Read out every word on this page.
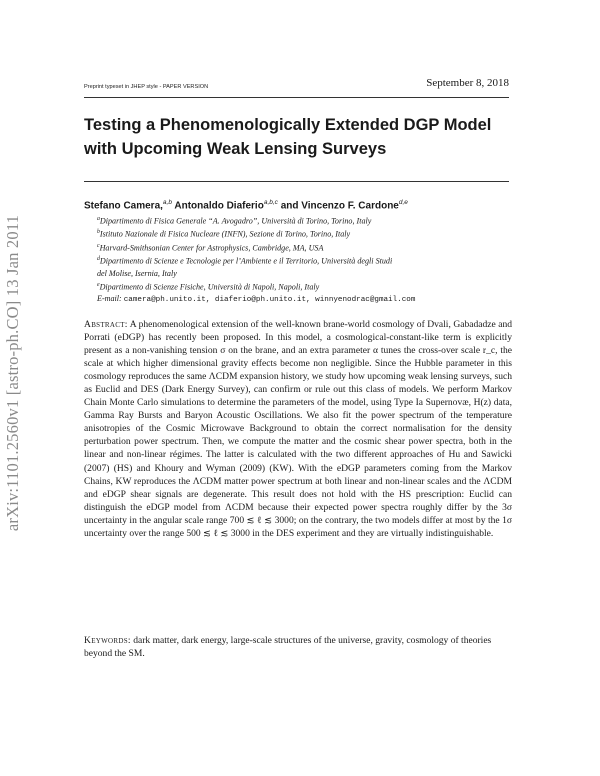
arXiv:1101.2560v1 [astro-ph.CO] 13 Jan 2011
Preprint typeset in JHEP style - PAPER VERSION	September 8, 2018
Testing a Phenomenologically Extended DGP Model
with Upcoming Weak Lensing Surveys
Stefano Camera,$^{a,b}$ Antonaldo Diaferio$^{a,b,c}$ and Vincenzo F. Cardone$^{d,e}$
$^a$Dipartimento di Fisica Generale “A. Avogadro”, Università di Torino, Torino, Italy
$^b$Istituto Nazionale di Fisica Nucleare (INFN), Sezione di Torino, Torino, Italy
$^c$Harvard-Smithsonian Center for Astrophysics, Cambridge, MA, USA
$^d$Dipartimento di Scienze e Tecnologie per l’Ambiente e il Territorio, Università degli Studi
del Molise, Isernia, Italy
$^e$Dipartimento di Scienze Fisiche, Università di Napoli, Napoli, Italy
E-mail: camera@ph.unito.it, diaferio@ph.unito.it, winnyenodrac@gmail.com
Abstract: A phenomenological extension of the well-known brane-world cosmology of Dvali, Gabadadze and Porrati (eDGP) has recently been proposed. In this model, a cosmological-constant-like term is explicitly present as a non-vanishing tension σ on the brane, and an extra parameter α tunes the cross-over scale r_c, the scale at which higher dimensional gravity effects become non negligible. Since the Hubble parameter in this cosmology reproduces the same ΛCDM expansion history, we study how upcoming weak lensing surveys, such as Euclid and DES (Dark Energy Survey), can confirm or rule out this class of models. We perform Markov Chain Monte Carlo simulations to determine the parameters of the model, using Type Ia Supernovæ, H(z) data, Gamma Ray Bursts and Baryon Acoustic Oscillations. We also fit the power spectrum of the temperature anisotropies of the Cosmic Microwave Background to obtain the correct normalisation for the density perturbation power spectrum. Then, we compute the matter and the cosmic shear power spectra, both in the linear and non-linear régimes. The latter is calculated with the two different approaches of Hu and Sawicki (2007) (HS) and Khoury and Wyman (2009) (KW). With the eDGP parameters coming from the Markov Chains, KW reproduces the ΛCDM matter power spectrum at both linear and non-linear scales and the ΛCDM and eDGP shear signals are degenerate. This result does not hold with the HS prescription: Euclid can distinguish the eDGP model from ΛCDM because their expected power spectra roughly differ by the 3σ uncertainty in the angular scale range 700 ≲ ℓ ≲ 3000; on the contrary, the two models differ at most by the 1σ uncertainty over the range 500 ≲ ℓ ≲ 3000 in the DES experiment and they are virtually indistinguishable.
Keywords: dark matter, dark energy, large-scale structures of the universe, gravity, cosmology of theories beyond the SM.
